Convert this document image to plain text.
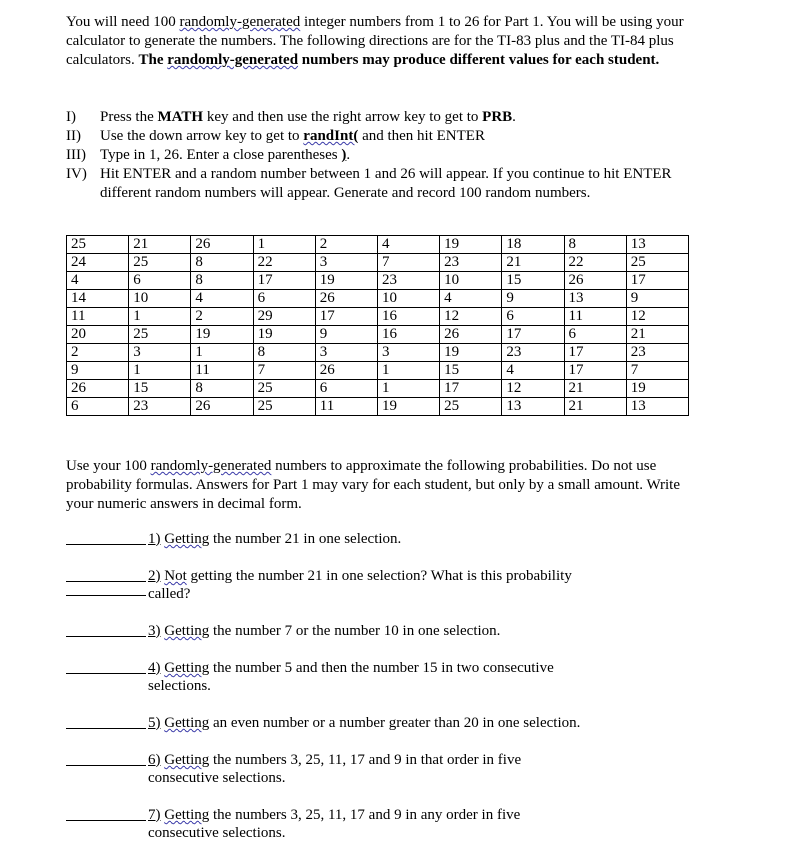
You will need 100 randomly-generated integer numbers from 1 to 26 for Part 1. You will be using your calculator to generate the numbers. The following directions are for the TI-83 plus and the TI-84 plus calculators. The randomly-generated numbers may produce different values for each student.
I)	Press the MATH key and then use the right arrow key to get to PRB.
II)	Use the down arrow key to get to randInt( and then hit ENTER
III) Type in 1, 26. Enter a close parentheses ).
IV) Hit ENTER and a random number between 1 and 26 will appear. If you continue to hit ENTER different random numbers will appear. Generate and record 100 random numbers.
25	21	26	1	2	4	19	18	8	13
24	25	8	22	3	7	23	21	22	25
4	6	8	17	19	23	10	15	26	17
14	10	4	6	26	10	4	9	13	9
11	1	2	29	17	16	12	6	11	12
20	25	19	19	9	16	26	17	6	21
2	3	1	8	3	3	19	23	17	23
9	1	11	7	26	1	15	4	17	7
26	15	8	25	6	1	17	12	21	19
6	23	26	25	11	19	25	13	21	13
Use your 100 randomly-generated numbers to approximate the following probabilities. Do not use probability formulas. Answers for Part 1 may vary for each student, but only by a small amount. Write your numeric answers in decimal form.
1) Getting the number 21 in one selection.
2) Not getting the number 21 in one selection? What is this probability called?
3) Getting the number 7 or the number 10 in one selection.
4) Getting the number 5 and then the number 15 in two consecutive selections.
5) Getting an even number or a number greater than 20 in one selection.
6) Getting the numbers 3, 25, 11, 17 and 9 in that order in five consecutive selections.
7) Getting the numbers 3, 25, 11, 17 and 9 in any order in five consecutive selections.
